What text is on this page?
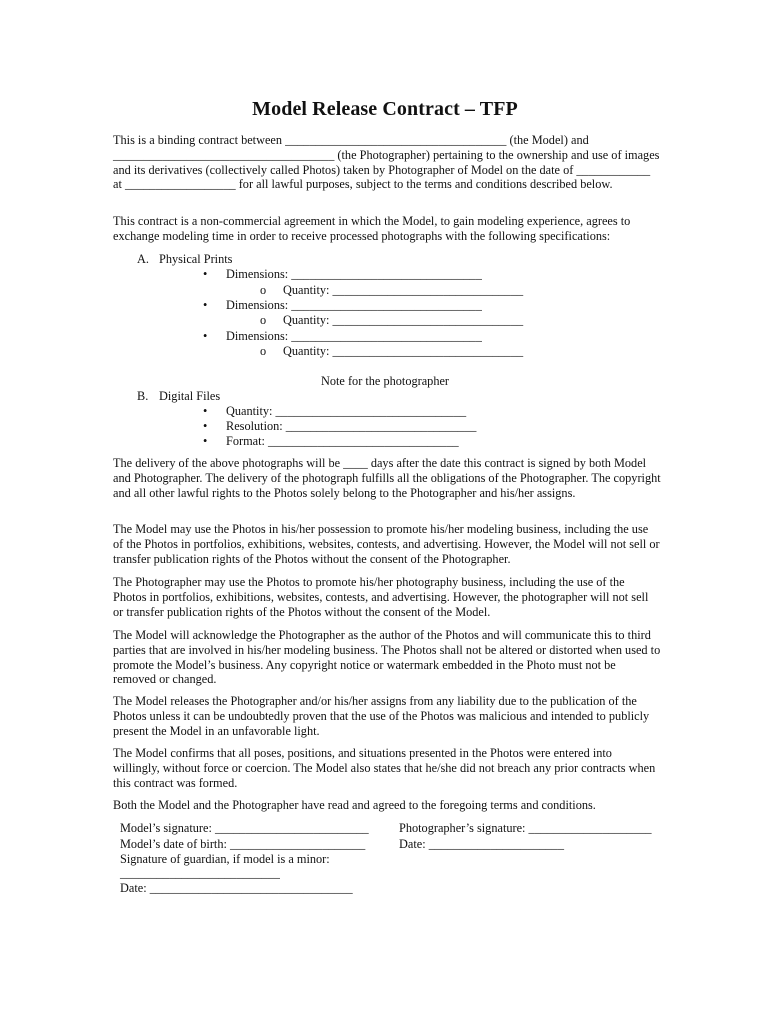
Model Release Contract – TFP

This is a binding contract between ____________________________________ (the Model) and ____________________________________ (the Photographer) pertaining to the ownership and use of images and its derivatives (collectively called Photos) taken by Photographer of Model on the date of ____________ at __________________ for all lawful purposes, subject to the terms and conditions described below.

This contract is a non-commercial agreement in which the Model, to gain modeling experience, agrees to exchange modeling time in order to receive processed photographs with the following specifications:

A. Physical Prints
• Dimensions: _______________________________
o Quantity: _______________________________
• Dimensions: _______________________________
o Quantity: _______________________________
• Dimensions: _______________________________
o Quantity: _______________________________
Note for the photographer
B. Digital Files
• Quantity: _______________________________
• Resolution: _______________________________
• Format: _______________________________

The delivery of the above photographs will be ____ days after the date this contract is signed by both Model and Photographer. The delivery of the photograph fulfills all the obligations of the Photographer. The copyright and all other lawful rights to the Photos solely belong to the Photographer and his/her assigns.

The Model may use the Photos in his/her possession to promote his/her modeling business, including the use of the Photos in portfolios, exhibitions, websites, contests, and advertising. However, the Model will not sell or transfer publication rights of the Photos without the consent of the Photographer.

The Photographer may use the Photos to promote his/her photography business, including the use of the Photos in portfolios, exhibitions, websites, contests, and advertising. However, the photographer will not sell or transfer publication rights of the Photos without the consent of the Model.

The Model will acknowledge the Photographer as the author of the Photos and will communicate this to third parties that are involved in his/her modeling business. The Photos shall not be altered or distorted when used to promote the Model’s business. Any copyright notice or watermark embedded in the Photo must not be removed or changed.

The Model releases the Photographer and/or his/her assigns from any liability due to the publication of the Photos unless it can be undoubtedly proven that the use of the Photos was malicious and intended to publicly present the Model in an unfavorable light.

The Model confirms that all poses, positions, and situations presented in the Photos were entered into willingly, without force or coercion. The Model also states that he/she did not breach any prior contracts when this contract was formed.

Both the Model and the Photographer have read and agreed to the foregoing terms and conditions.

Model’s signature: _________________________
Model’s date of birth: ______________________
Signature of guardian, if model is a minor:
__________________________
Date: _________________________________
Photographer’s signature: ____________________
Date: ______________________
